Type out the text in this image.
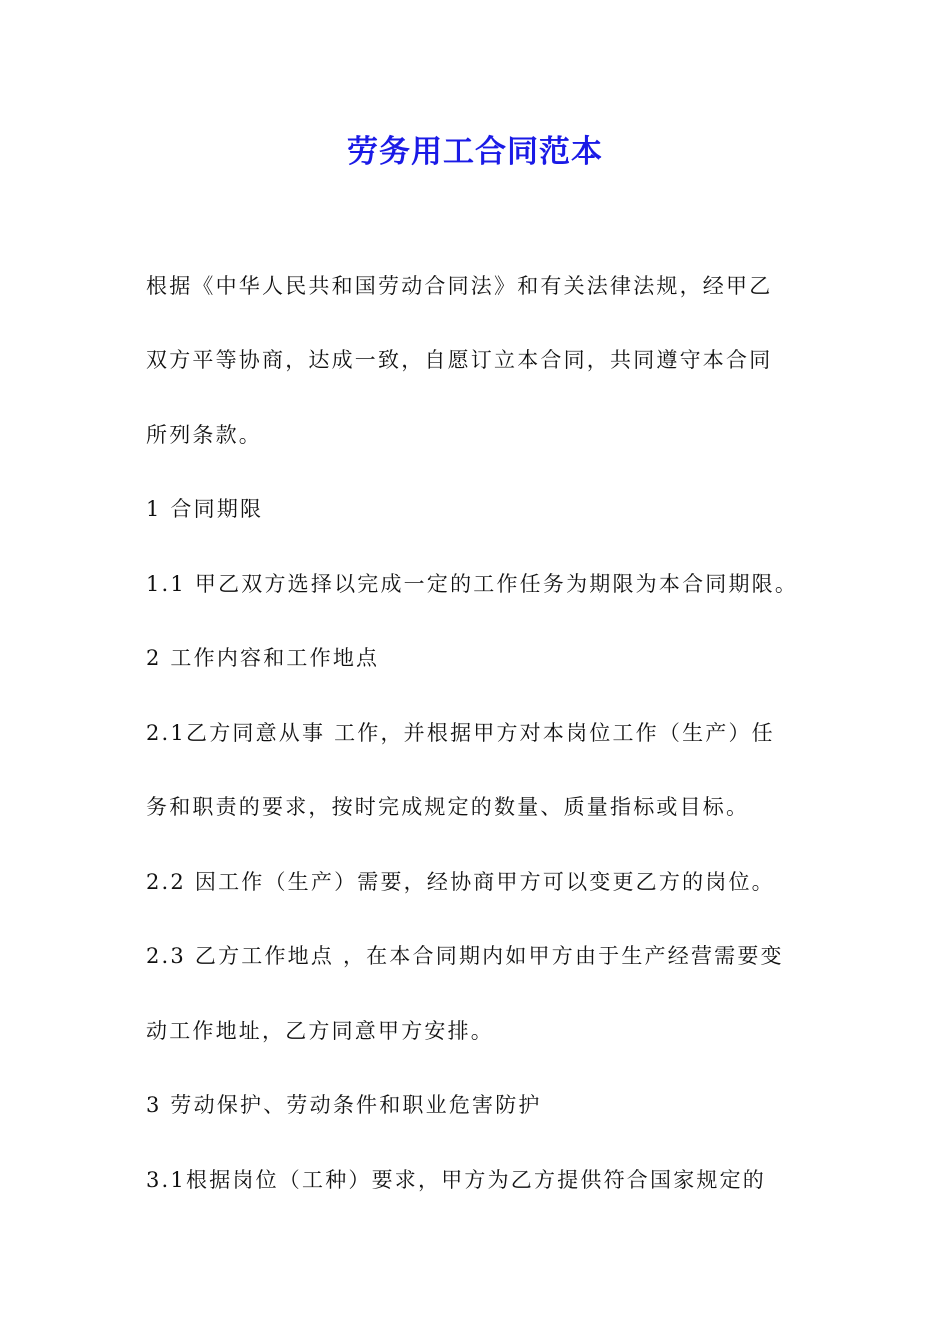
劳务用工合同范本
根据《中华人民共和国劳动合同法》和有关法律法规，经甲乙
双方平等协商，达成一致，自愿订立本合同，共同遵守本合同
所列条款。
1 合同期限
1.1 甲乙双方选择以完成一定的工作任务为期限为本合同期限。
2 工作内容和工作地点
2.1乙方同意从事 工作，并根据甲方对本岗位工作（生产）任
务和职责的要求，按时完成规定的数量、质量指标或目标。
2.2 因工作（生产）需要，经协商甲方可以变更乙方的岗位。
2.3 乙方工作地点 ，在本合同期内如甲方由于生产经营需要变
动工作地址，乙方同意甲方安排。
3 劳动保护、劳动条件和职业危害防护
3.1根据岗位（工种）要求，甲方为乙方提供符合国家规定的
